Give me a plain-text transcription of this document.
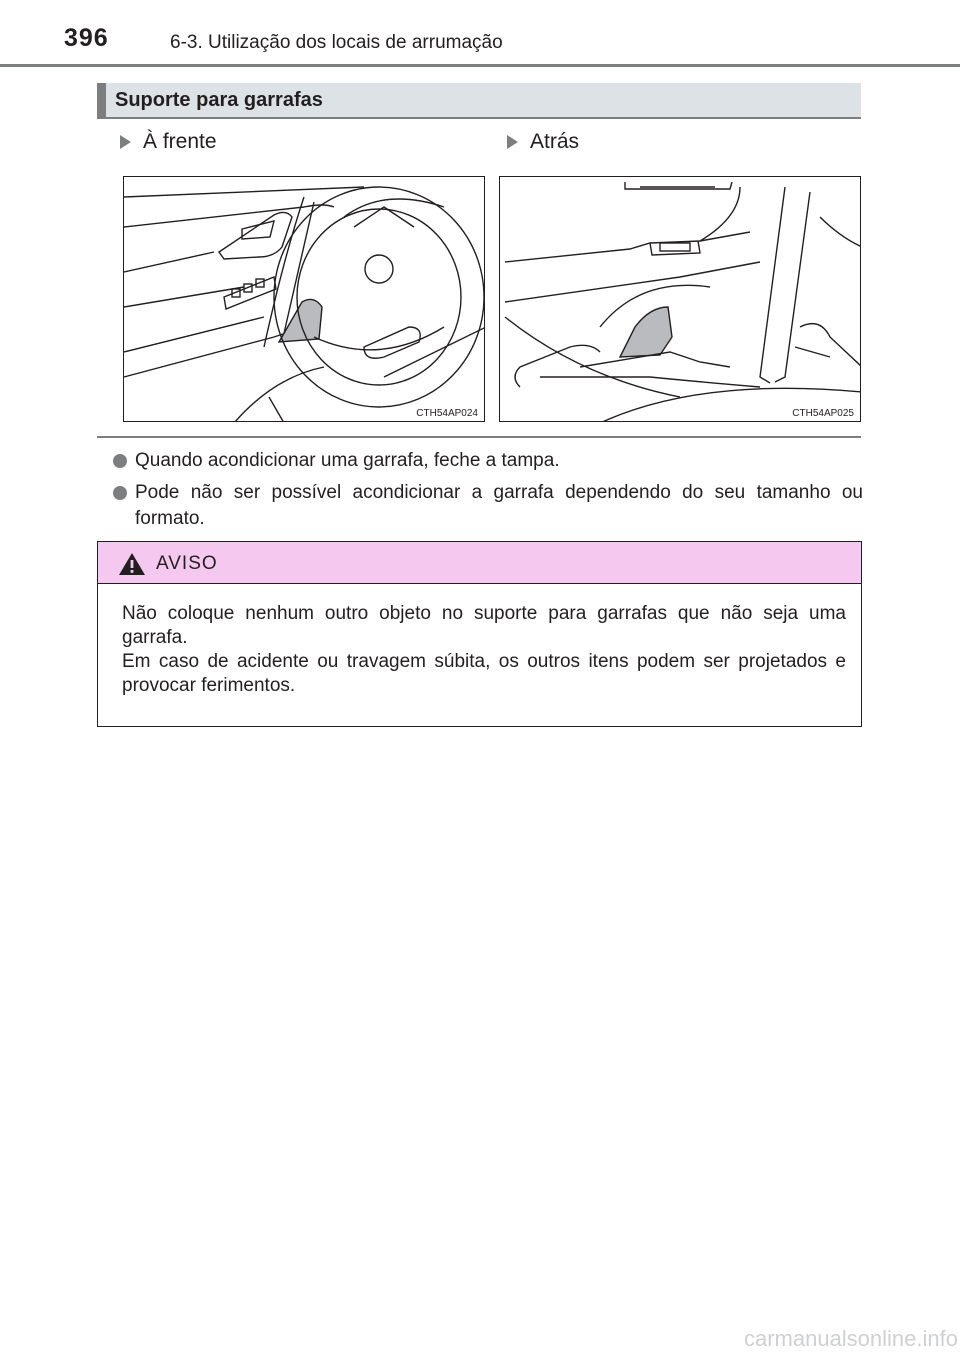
396	6-3. Utilização dos locais de arrumação
Suporte para garrafas
À frente	Atrás
CTH54AP024	CTH54AP025
Quando acondicionar uma garrafa, feche a tampa.
Pode não ser possível acondicionar a garrafa dependendo do seu tamanho ou formato.
AVISO
Não coloque nenhum outro objeto no suporte para garrafas que não seja uma garrafa.
Em caso de acidente ou travagem súbita, os outros itens podem ser projetados e provocar ferimentos.
carmanualsonline.info
